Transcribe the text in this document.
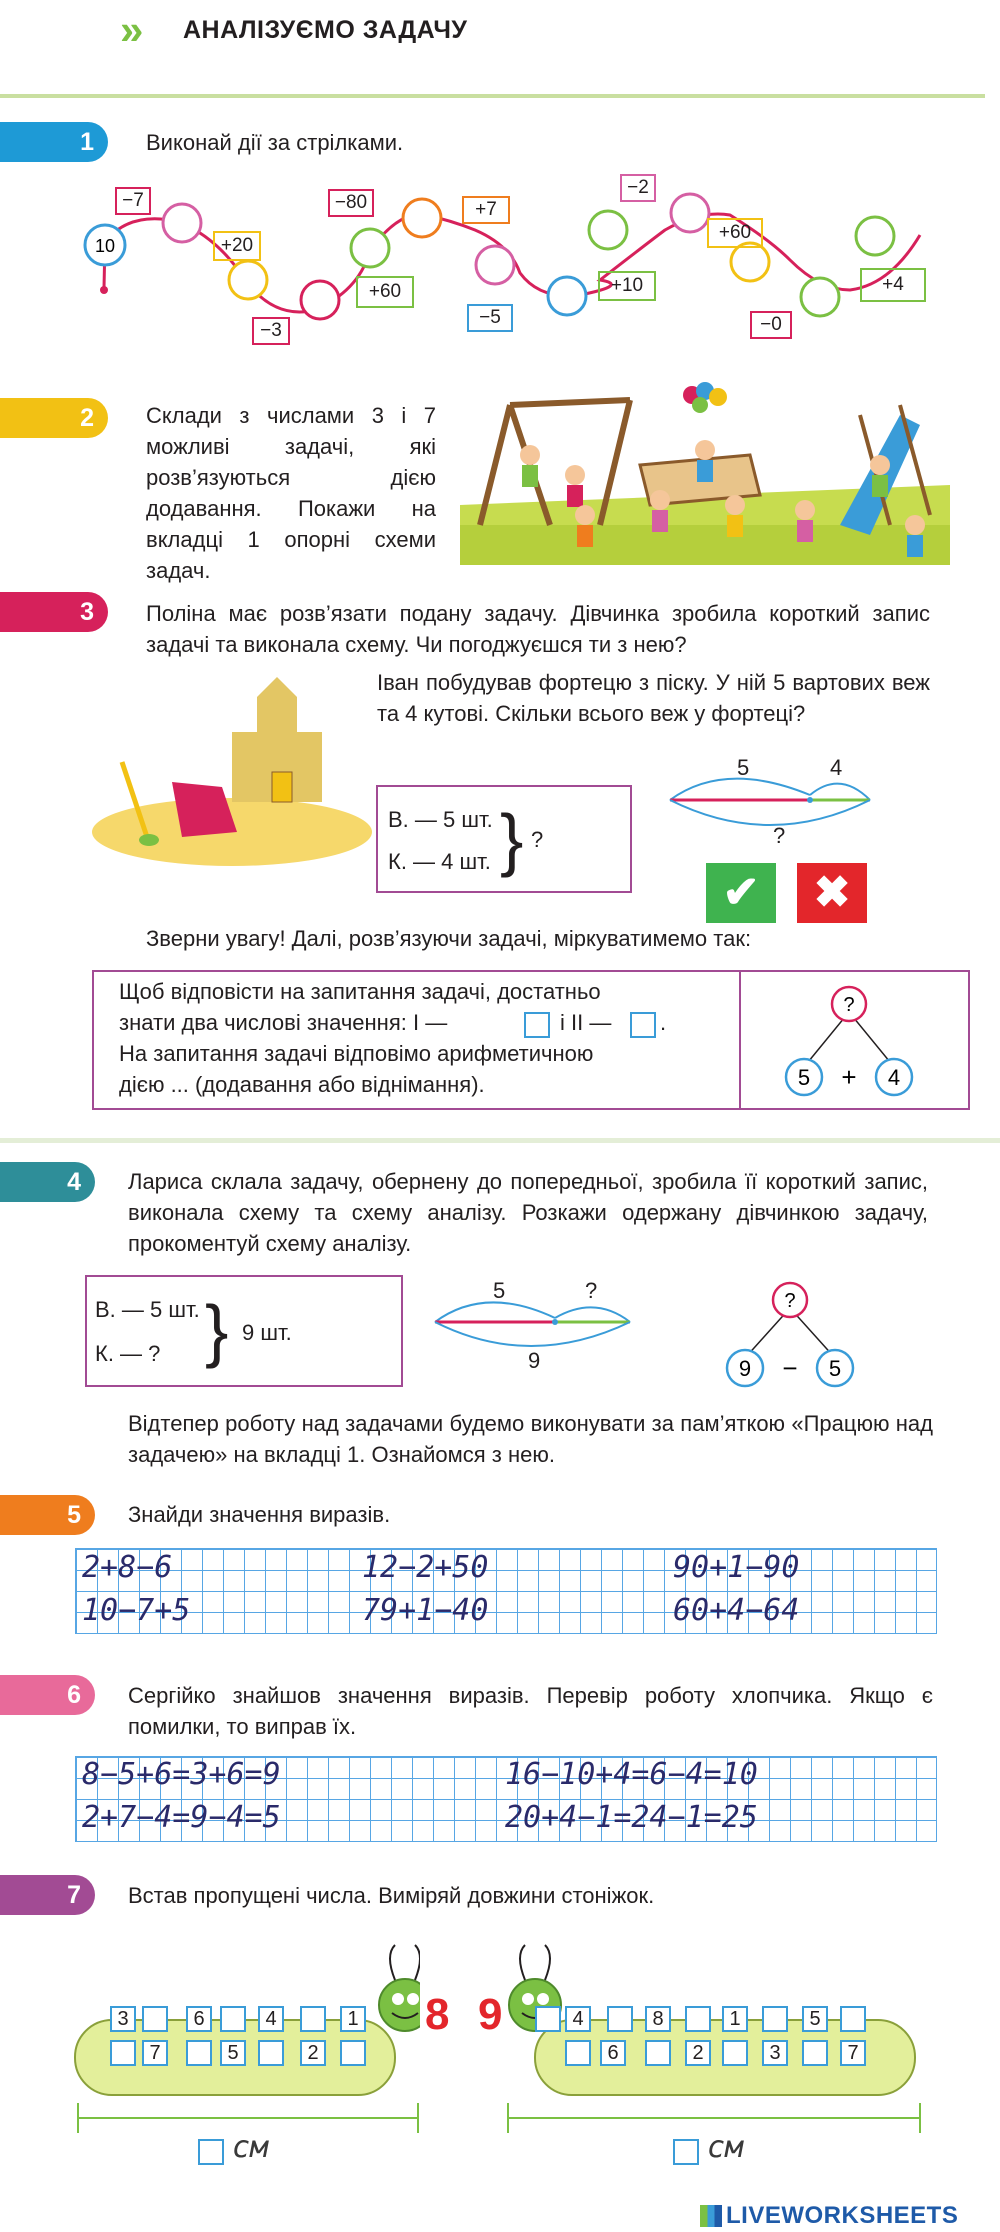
» АНАЛІЗУЄМО ЗАДАЧУ
1	Виконай дії за стрілками.
10
−7
+20
−3
−80
+60
+7
−5
+10
−2
+60
−0
+4
2	Склади з числами 3 і 7 можливі задачі, які розв’язуються дією додавання. Покажи на вкладці 1 опорні схеми задач.
3	Поліна має розв’язати подану задачу. Дівчинка зробила короткий запис задачі та виконала схему. Чи погоджуєшся ти з нею?
Іван побудував фортецю з піску. У ній 5 вартових веж та 4 кутові. Скільки всього веж у фортеці?
В. — 5 шт.
К. — 4 шт. } ?
5	4
?
✔	✖
Зверни увагу! Далі, розв’язуючи задачі, міркуватимемо так:
Щоб відповісти на запитання задачі, достатньо
знати два числові значення: I —	і II — .
На запитання задачі відповімо арифметичною
дією ... (додавання або віднімання).
?
5 + 4
4	Лариса склала задачу, обернену до попередньої, зробила її короткий запис, виконала схему та схему аналізу. Розкажи одержану дівчинкою задачу, прокоментуй схему аналізу.
В. — 5 шт.
К. — ? } 9 шт.
5	?
9
?
9 − 5
Відтепер роботу над задачами будемо виконувати за пам’яткою «Працюю над задачею» на вкладці 1. Ознайомся з нею.
5	Знайди значення виразів.
2+8−6	12−2+50	90+1−90
10−7+5	79+1−40	60+4−64
6	Сергійко знайшов значення виразів. Перевір роботу хлопчика. Якщо є помилки, то виправ їх.
8−5+6=3+6=9	16−10+4=6−4=10
2+7−4=9−4=5	20+4−1=24−1=25
7	Встав пропущені числа. Виміряй довжини стоніжок.
3	6	4	1
7	5	2
8
см
9	4	8	1	5
6	2	3	7
см
LIVEWORKSHEETS
